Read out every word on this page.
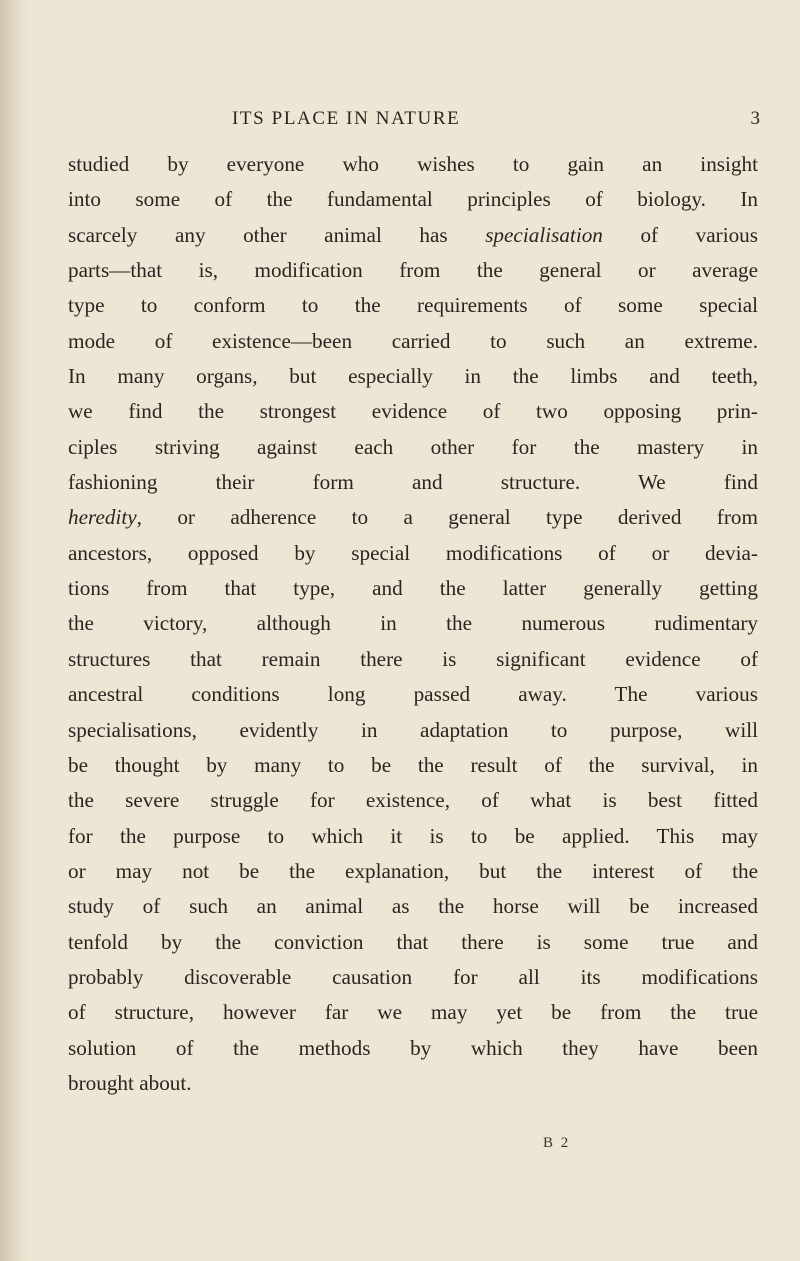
ITS PLACE IN NATURE	3
studied by everyone who wishes to gain an insight
into some of the fundamental principles of biology. In
scarcely any other animal has specialisation of various
parts—that is, modification from the general or average
type to conform to the requirements of some special
mode of existence—been carried to such an extreme.
In many organs, but especially in the limbs and teeth,
we find the strongest evidence of two opposing prin-
ciples striving against each other for the mastery in
fashioning their form and structure. We find
heredity, or adherence to a general type derived from
ancestors, opposed by special modifications of or devia-
tions from that type, and the latter generally getting
the victory, although in the numerous rudimentary
structures that remain there is significant evidence of
ancestral conditions long passed away. The various
specialisations, evidently in adaptation to purpose, will
be thought by many to be the result of the survival, in
the severe struggle for existence, of what is best fitted
for the purpose to which it is to be applied. This may
or may not be the explanation, but the interest of the
study of such an animal as the horse will be increased
tenfold by the conviction that there is some true and
probably discoverable causation for all its modifications
of structure, however far we may yet be from the true
solution of the methods by which they have been
brought about.
B 2
